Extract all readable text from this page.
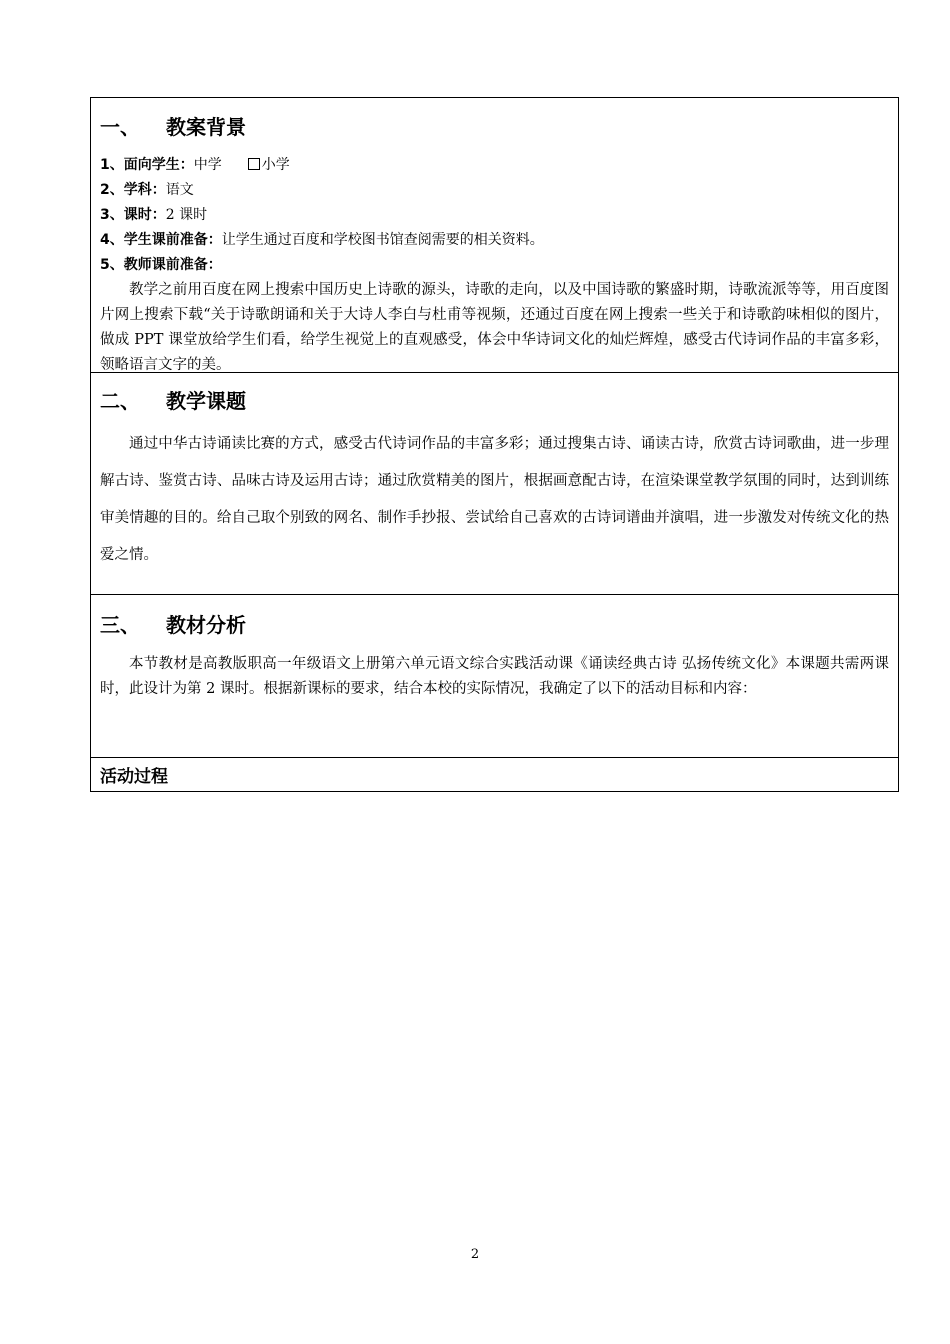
一、	教案背景
1、面向学生：中学	小学
2、学科：语文
3、课时：2 课时
4、学生课前准备：让学生通过百度和学校图书馆查阅需要的相关资料。
5、教师课前准备：

教学之前用百度在网上搜索中国历史上诗歌的源头，诗歌的走向，以及中国诗歌的繁盛时期，诗歌流派等等，用百度图片网上搜索下载“关于诗歌朗诵和关于大诗人李白与杜甫等视频，还通过百度在网上搜索一些关于和诗歌韵味相似的图片，做成 PPT 课堂放给学生们看，给学生视觉上的直观感受，体会中华诗词文化的灿烂辉煌，感受古代诗词作品的丰富多彩，领略语言文字的美。

二、	教学课题

通过中华古诗诵读比赛的方式，感受古代诗词作品的丰富多彩；通过搜集古诗、诵读古诗，欣赏古诗词歌曲，进一步理解古诗、鉴赏古诗、品味古诗及运用古诗；通过欣赏精美的图片，根据画意配古诗，在渲染课堂教学氛围的同时，达到训练审美情趣的目的。给自己取个别致的网名、制作手抄报、尝试给自己喜欢的古诗词谱曲并演唱，进一步激发对传统文化的热爱之情。

三、	教材分析

本节教材是高教版职高一年级语文上册第六单元语文综合实践活动课《诵读经典古诗 弘扬传统文化》本课题共需两课时，此设计为第 2 课时。根据新课标的要求，结合本校的实际情况，我确定了以下的活动目标和内容：

活动过程
2
